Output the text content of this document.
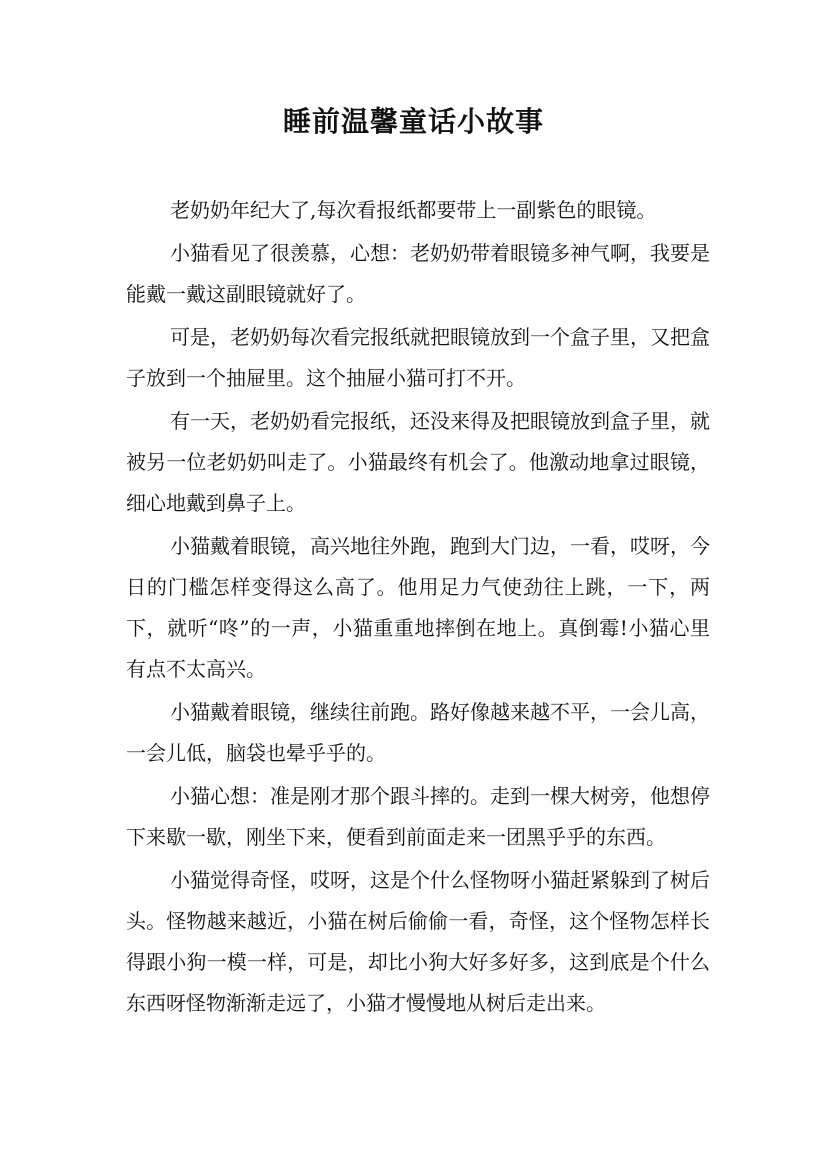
睡前温馨童话小故事

老奶奶年纪大了,每次看报纸都要带上一副紫色的眼镜。

小猫看见了很羡慕，心想：老奶奶带着眼镜多神气啊，我要是能戴一戴这副眼镜就好了。

可是，老奶奶每次看完报纸就把眼镜放到一个盒子里，又把盒子放到一个抽屉里。这个抽屉小猫可打不开。

有一天，老奶奶看完报纸，还没来得及把眼镜放到盒子里，就被另一位老奶奶叫走了。小猫最终有机会了。他激动地拿过眼镜，细心地戴到鼻子上。

小猫戴着眼镜，高兴地往外跑，跑到大门边，一看，哎呀，今日的门槛怎样变得这么高了。他用足力气使劲往上跳，一下，两下，就听“咚”的一声，小猫重重地摔倒在地上。真倒霉!小猫心里有点不太高兴。

小猫戴着眼镜，继续往前跑。路好像越来越不平，一会儿高，一会儿低，脑袋也晕乎乎的。

小猫心想：准是刚才那个跟斗摔的。走到一棵大树旁，他想停下来歇一歇，刚坐下来，便看到前面走来一团黑乎乎的东西。

小猫觉得奇怪，哎呀，这是个什么怪物呀小猫赶紧躲到了树后头。怪物越来越近，小猫在树后偷偷一看，奇怪，这个怪物怎样长得跟小狗一模一样，可是，却比小狗大好多好多，这到底是个什么东西呀怪物渐渐走远了，小猫才慢慢地从树后走出来。
